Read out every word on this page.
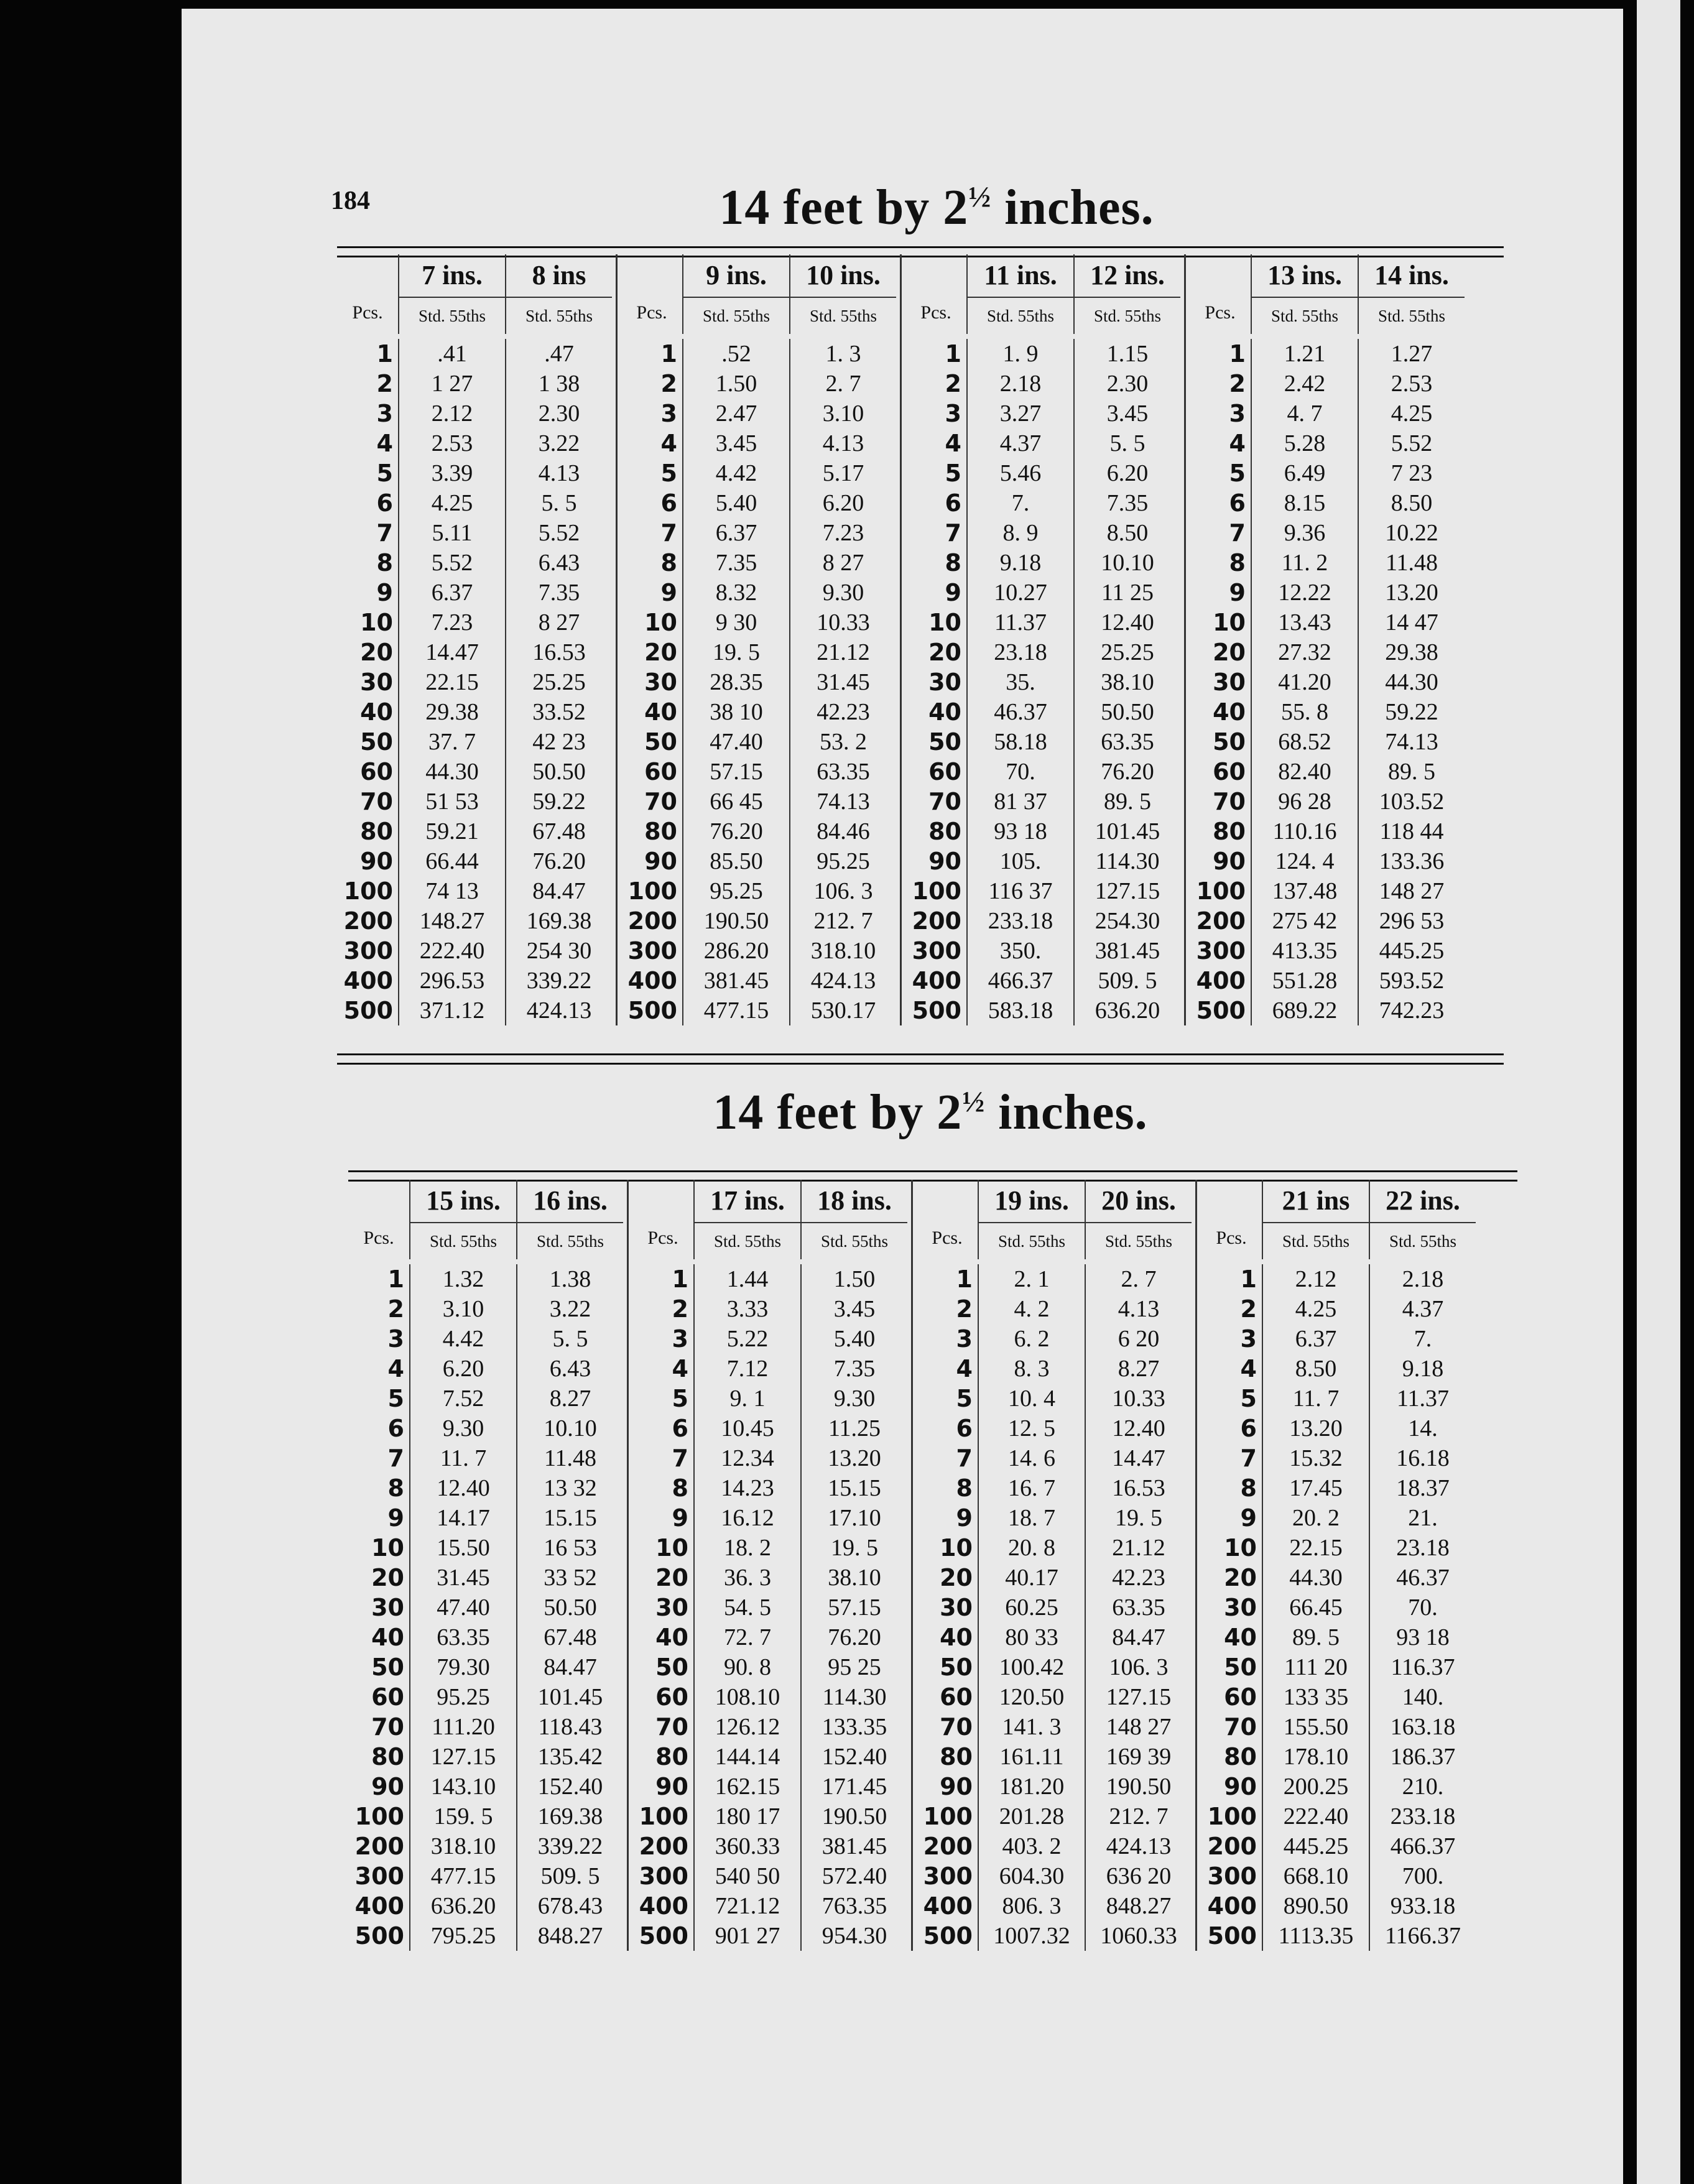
184	14 feet by $2^{\frac{1}{2}}$ inches.
Pcs.
7 ins.	8 ins
Std. 55ths	Std. 55ths
1	.41	.47
2	1 27	1 38
3	2.12	2.30
4	2.53	3.22
5	3.39	4.13
6	4.25	5. 5
7	5.11	5.52
8	5.52	6.43
9	6.37	7.35
10	7.23	8 27
20	14.47	16.53
30	22.15	25.25
40	29.38	33.52
50	37. 7	42 23
60	44.30	50.50
70	51 53	59.22
80	59.21	67.48
90	66.44	76.20
100	74 13	84.47
200	148.27	169.38
300	222.40	254 30
400	296.53	339.22
500	371.12	424.13
Pcs.
9 ins.	10 ins.
Std. 55ths	Std. 55ths
1	.52	1. 3
2	1.50	2. 7
3	2.47	3.10
4	3.45	4.13
5	4.42	5.17
6	5.40	6.20
7	6.37	7.23
8	7.35	8 27
9	8.32	9.30
10	9 30	10.33
20	19. 5	21.12
30	28.35	31.45
40	38 10	42.23
50	47.40	53. 2
60	57.15	63.35
70	66 45	74.13
80	76.20	84.46
90	85.50	95.25
100	95.25	106. 3
200	190.50	212. 7
300	286.20	318.10
400	381.45	424.13
500	477.15	530.17
Pcs.
11 ins.	12 ins.
Std. 55ths	Std. 55ths
1	1. 9	1.15
2	2.18	2.30
3	3.27	3.45
4	4.37	5. 5
5	5.46	6.20
6	7.	7.35
7	8. 9	8.50
8	9.18	10.10
9	10.27	11 25
10	11.37	12.40
20	23.18	25.25
30	35.	38.10
40	46.37	50.50
50	58.18	63.35
60	70.	76.20
70	81 37	89. 5
80	93 18	101.45
90	105.	114.30
100	116 37	127.15
200	233.18	254.30
300	350.	381.45
400	466.37	509. 5
500	583.18	636.20
Pcs.
13 ins.	14 ins.
Std. 55ths	Std. 55ths
1	1.21	1.27
2	2.42	2.53
3	4. 7	4.25
4	5.28	5.52
5	6.49	7 23
6	8.15	8.50
7	9.36	10.22
8	11. 2	11.48
9	12.22	13.20
10	13.43	14 47
20	27.32	29.38
30	41.20	44.30
40	55. 8	59.22
50	68.52	74.13
60	82.40	89. 5
70	96 28	103.52
80	110.16	118 44
90	124. 4	133.36
100	137.48	148 27
200	275 42	296 53
300	413.35	445.25
400	551.28	593.52
500	689.22	742.23
14 feet by $2^{\frac{1}{2}}$ inches.
Pcs.
15 ins.	16 ins.
Std. 55ths	Std. 55ths
1	1.32	1.38
2	3.10	3.22
3	4.42	5. 5
4	6.20	6.43
5	7.52	8.27
6	9.30	10.10
7	11. 7	11.48
8	12.40	13 32
9	14.17	15.15
10	15.50	16 53
20	31.45	33 52
30	47.40	50.50
40	63.35	67.48
50	79.30	84.47
60	95.25	101.45
70	111.20	118.43
80	127.15	135.42
90	143.10	152.40
100	159. 5	169.38
200	318.10	339.22
300	477.15	509. 5
400	636.20	678.43
500	795.25	848.27
Pcs.
17 ins.	18 ins.
Std. 55ths	Std. 55ths
1	1.44	1.50
2	3.33	3.45
3	5.22	5.40
4	7.12	7.35
5	9. 1	9.30
6	10.45	11.25
7	12.34	13.20
8	14.23	15.15
9	16.12	17.10
10	18. 2	19. 5
20	36. 3	38.10
30	54. 5	57.15
40	72. 7	76.20
50	90. 8	95 25
60	108.10	114.30
70	126.12	133.35
80	144.14	152.40
90	162.15	171.45
100	180 17	190.50
200	360.33	381.45
300	540 50	572.40
400	721.12	763.35
500	901 27	954.30
Pcs.
19 ins.	20 ins.
Std. 55ths	Std. 55ths
1	2. 1	2. 7
2	4. 2	4.13
3	6. 2	6 20
4	8. 3	8.27
5	10. 4	10.33
6	12. 5	12.40
7	14. 6	14.47
8	16. 7	16.53
9	18. 7	19. 5
10	20. 8	21.12
20	40.17	42.23
30	60.25	63.35
40	80 33	84.47
50	100.42	106. 3
60	120.50	127.15
70	141. 3	148 27
80	161.11	169 39
90	181.20	190.50
100	201.28	212. 7
200	403. 2	424.13
300	604.30	636 20
400	806. 3	848.27
500 1007.32	1060.33
Pcs.
21 ins	22 ins.
Std. 55ths	Std. 55ths
1	2.12	2.18
2	4.25	4.37
3	6.37	7.
4	8.50	9.18
5	11. 7	11.37
6	13.20	14.
7	15.32	16.18
8	17.45	18.37
9	20. 2	21.
10	22.15	23.18
20	44.30	46.37
30	66.45	70.
40	89. 5	93 18
50	111 20	116.37
60	133 35	140.
70	155.50	163.18
80	178.10	186.37
90	200.25	210.
100	222.40	233.18
200	445.25	466.37
300	668.10	700.
400	890.50	933.18
500 1113.35	1166.37
